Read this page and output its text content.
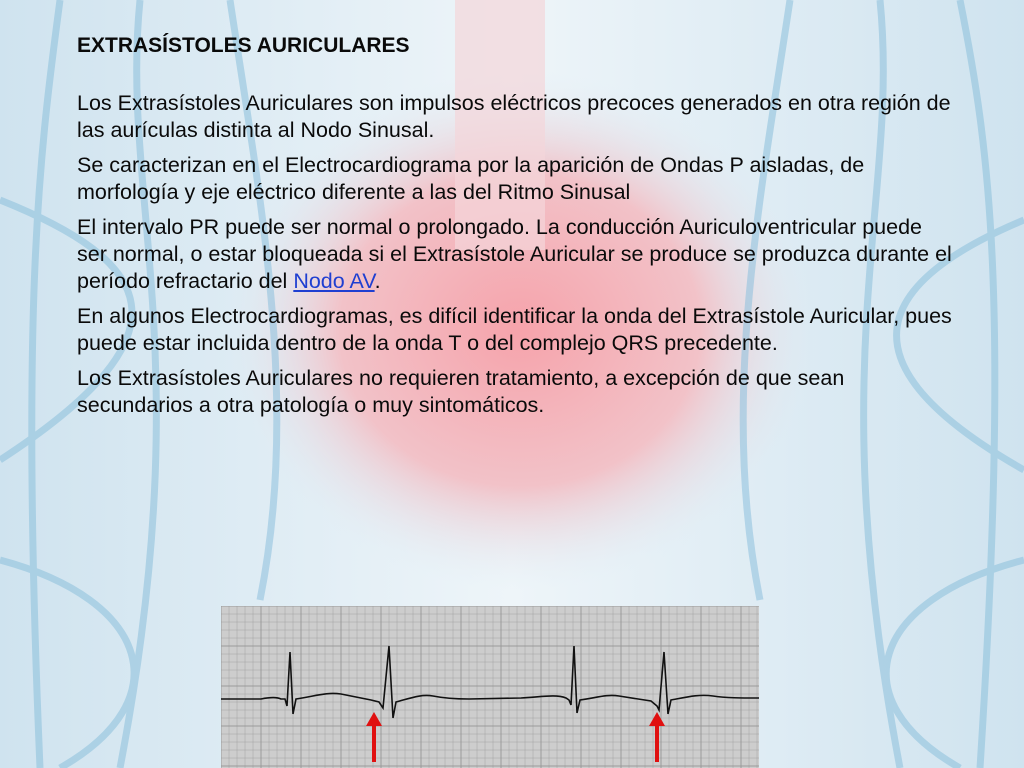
EXTRASÍSTOLES AURICULARES

Los Extrasístoles Auriculares son impulsos eléctricos precoces generados en otra región de las aurículas distinta al Nodo Sinusal.

Se caracterizan en el Electrocardiograma por la aparición de Ondas P aisladas, de morfología y eje eléctrico diferente a las del Ritmo Sinusal

El intervalo PR puede ser normal o prolongado. La conducción Auriculoventricular puede ser normal, o estar bloqueada si el Extrasístole Auricular se produce se produzca durante el período refractario del Nodo AV.

En algunos Electrocardiogramas, es difícil identificar la onda del Extrasístole Auricular, pues puede estar incluida dentro de la onda T o del complejo QRS precedente.

Los Extrasístoles Auriculares no requieren tratamiento, a excepción de que sean secundarios a otra patología o muy sintomáticos.
